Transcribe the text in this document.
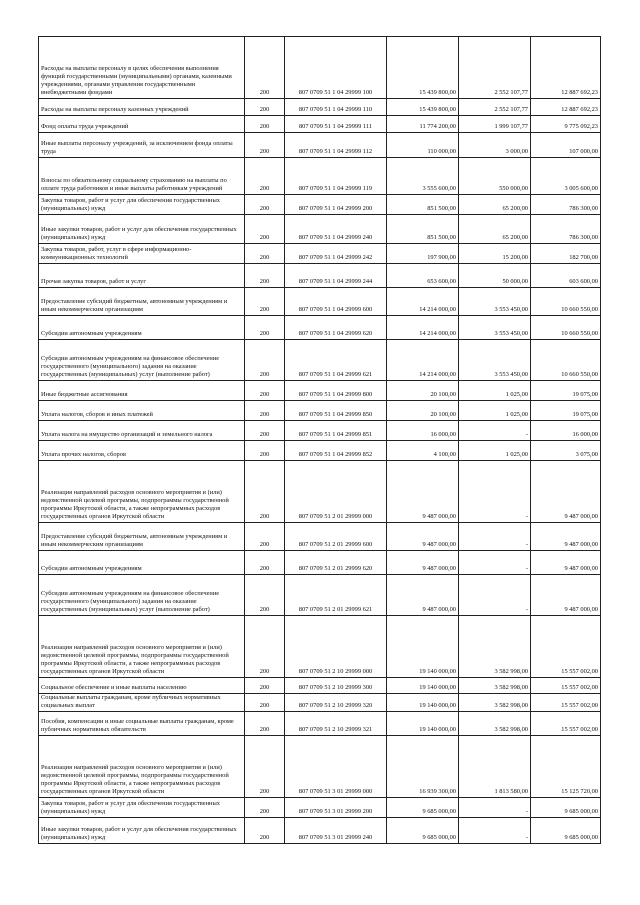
Расходы на выплаты персоналу в целях обеспечения выполнения функций государственными (муниципальными) органами, казенными учреждениями, органами управления государственными внебюджетными фондами	200	807 0709 51 1 04 29999 100	15 439 800,00	2 552 107,77	12 887 692,23
Расходы на выплаты персоналу казенных учреждений	200	807 0709 51 1 04 29999 110	15 439 800,00	2 552 107,77	12 887 692,23
Фонд оплаты труда учреждений	200	807 0709 51 1 04 29999 111	11 774 200,00	1 999 107,77	9 775 092,23
Иные выплаты персоналу учреждений, за исключением фонда оплаты труда	200	807 0709 51 1 04 29999 112	110 000,00	3 000,00	107 000,00
Взносы по обязательному социальному страхованию на выплаты по оплате труда работников и иные выплаты работникам учреждений	200	807 0709 51 1 04 29999 119	3 555 600,00	550 000,00	3 005 600,00
Закупка товаров, работ и услуг для обеспечения государственных (муниципальных) нужд	200	807 0709 51 1 04 29999 200	851 500,00	65 200,00	786 300,00
Иные закупки товаров, работ и услуг для обеспечения государственных (муниципальных) нужд	200	807 0709 51 1 04 29999 240	851 500,00	65 200,00	786 300,00
Закупка товаров, работ, услуг в сфере информационно-коммуникационных технологий	200	807 0709 51 1 04 29999 242	197 900,00	15 200,00	182 700,00
Прочая закупка товаров, работ и услуг	200	807 0709 51 1 04 29999 244	653 600,00	50 000,00	603 600,00
Предоставление субсидий бюджетным, автономным учреждениям и иным некоммерческим организациям	200	807 0709 51 1 04 29999 600	14 214 000,00	3 553 450,00	10 660 550,00
Субсидии автономным учреждениям	200	807 0709 51 1 04 29999 620	14 214 000,00	3 553 450,00	10 660 550,00
Субсидии автономным учреждениям на финансовое обеспечение государственного (муниципального) задания на оказание государственных (муниципальных) услуг (выполнение работ)	200	807 0709 51 1 04 29999 621	14 214 000,00	3 553 450,00	10 660 550,00
Иные бюджетные ассигнования	200	807 0709 51 1 04 29999 800	20 100,00	1 025,00	19 075,00
Уплата налогов, сборов и иных платежей	200	807 0709 51 1 04 29999 850	20 100,00	1 025,00	19 075,00
Уплата налога на имущество организаций и земельного налога	200	807 0709 51 1 04 29999 851	16 000,00	-	16 000,00
Уплата прочих налогов, сборов	200	807 0709 51 1 04 29999 852	4 100,00	1 025,00	3 075,00
Реализация направлений расходов основного мероприятия и (или) ведомственной целевой программы, подпрограммы государственной программы Иркутской области, а также непрограммных расходов государственных органов Иркутской области	200	807 0709 51 2 01 29999 000	9 487 000,00	-	9 487 000,00
Предоставление субсидий бюджетным, автономным учреждениям и иным некоммерческим организациям	200	807 0709 51 2 01 29999 600	9 487 000,00	-	9 487 000,00
Субсидии автономным учреждениям	200	807 0709 51 2 01 29999 620	9 487 000,00	-	9 487 000,00
Субсидии автономным учреждениям на финансовое обеспечение государственного (муниципального) задания на оказание государственных (муниципальных) услуг (выполнение работ)	200	807 0709 51 2 01 29999 621	9 487 000,00	-	9 487 000,00
Реализация направлений расходов основного мероприятия и (или) ведомственной целевой программы, подпрограммы государственной программы Иркутской области, а также непрограммных расходов государственных органов Иркутской области	200	807 0709 51 2 10 29999 000	19 140 000,00	3 582 998,00	15 557 002,00
Социальное обеспечение и иные выплаты населению	200	807 0709 51 2 10 29999 300	19 140 000,00	3 582 998,00	15 557 002,00
Социальные выплаты гражданам, кроме публичных нормативных социальных выплат	200	807 0709 51 2 10 29999 320	19 140 000,00	3 582 998,00	15 557 002,00
Пособия, компенсации и иные социальные выплаты гражданам, кроме публичных нормативных обязательств	200	807 0709 51 2 10 29999 321	19 140 000,00	3 582 998,00	15 557 002,00
Реализация направлений расходов основного мероприятия и (или) ведомственной целевой программы, подпрограммы государственной программы Иркутской области, а также непрограммных расходов государственных органов Иркутской области	200	807 0709 51 3 01 29999 000	16 939 300,00	1 813 580,00	15 125 720,00
Закупка товаров, работ и услуг для обеспечения государственных (муниципальных) нужд	200	807 0709 51 3 01 29999 200	9 685 000,00	-	9 685 000,00
Иные закупки товаров, работ и услуг для обеспечения государственных (муниципальных) нужд	200	807 0709 51 3 01 29999 240	9 685 000,00	-	9 685 000,00
